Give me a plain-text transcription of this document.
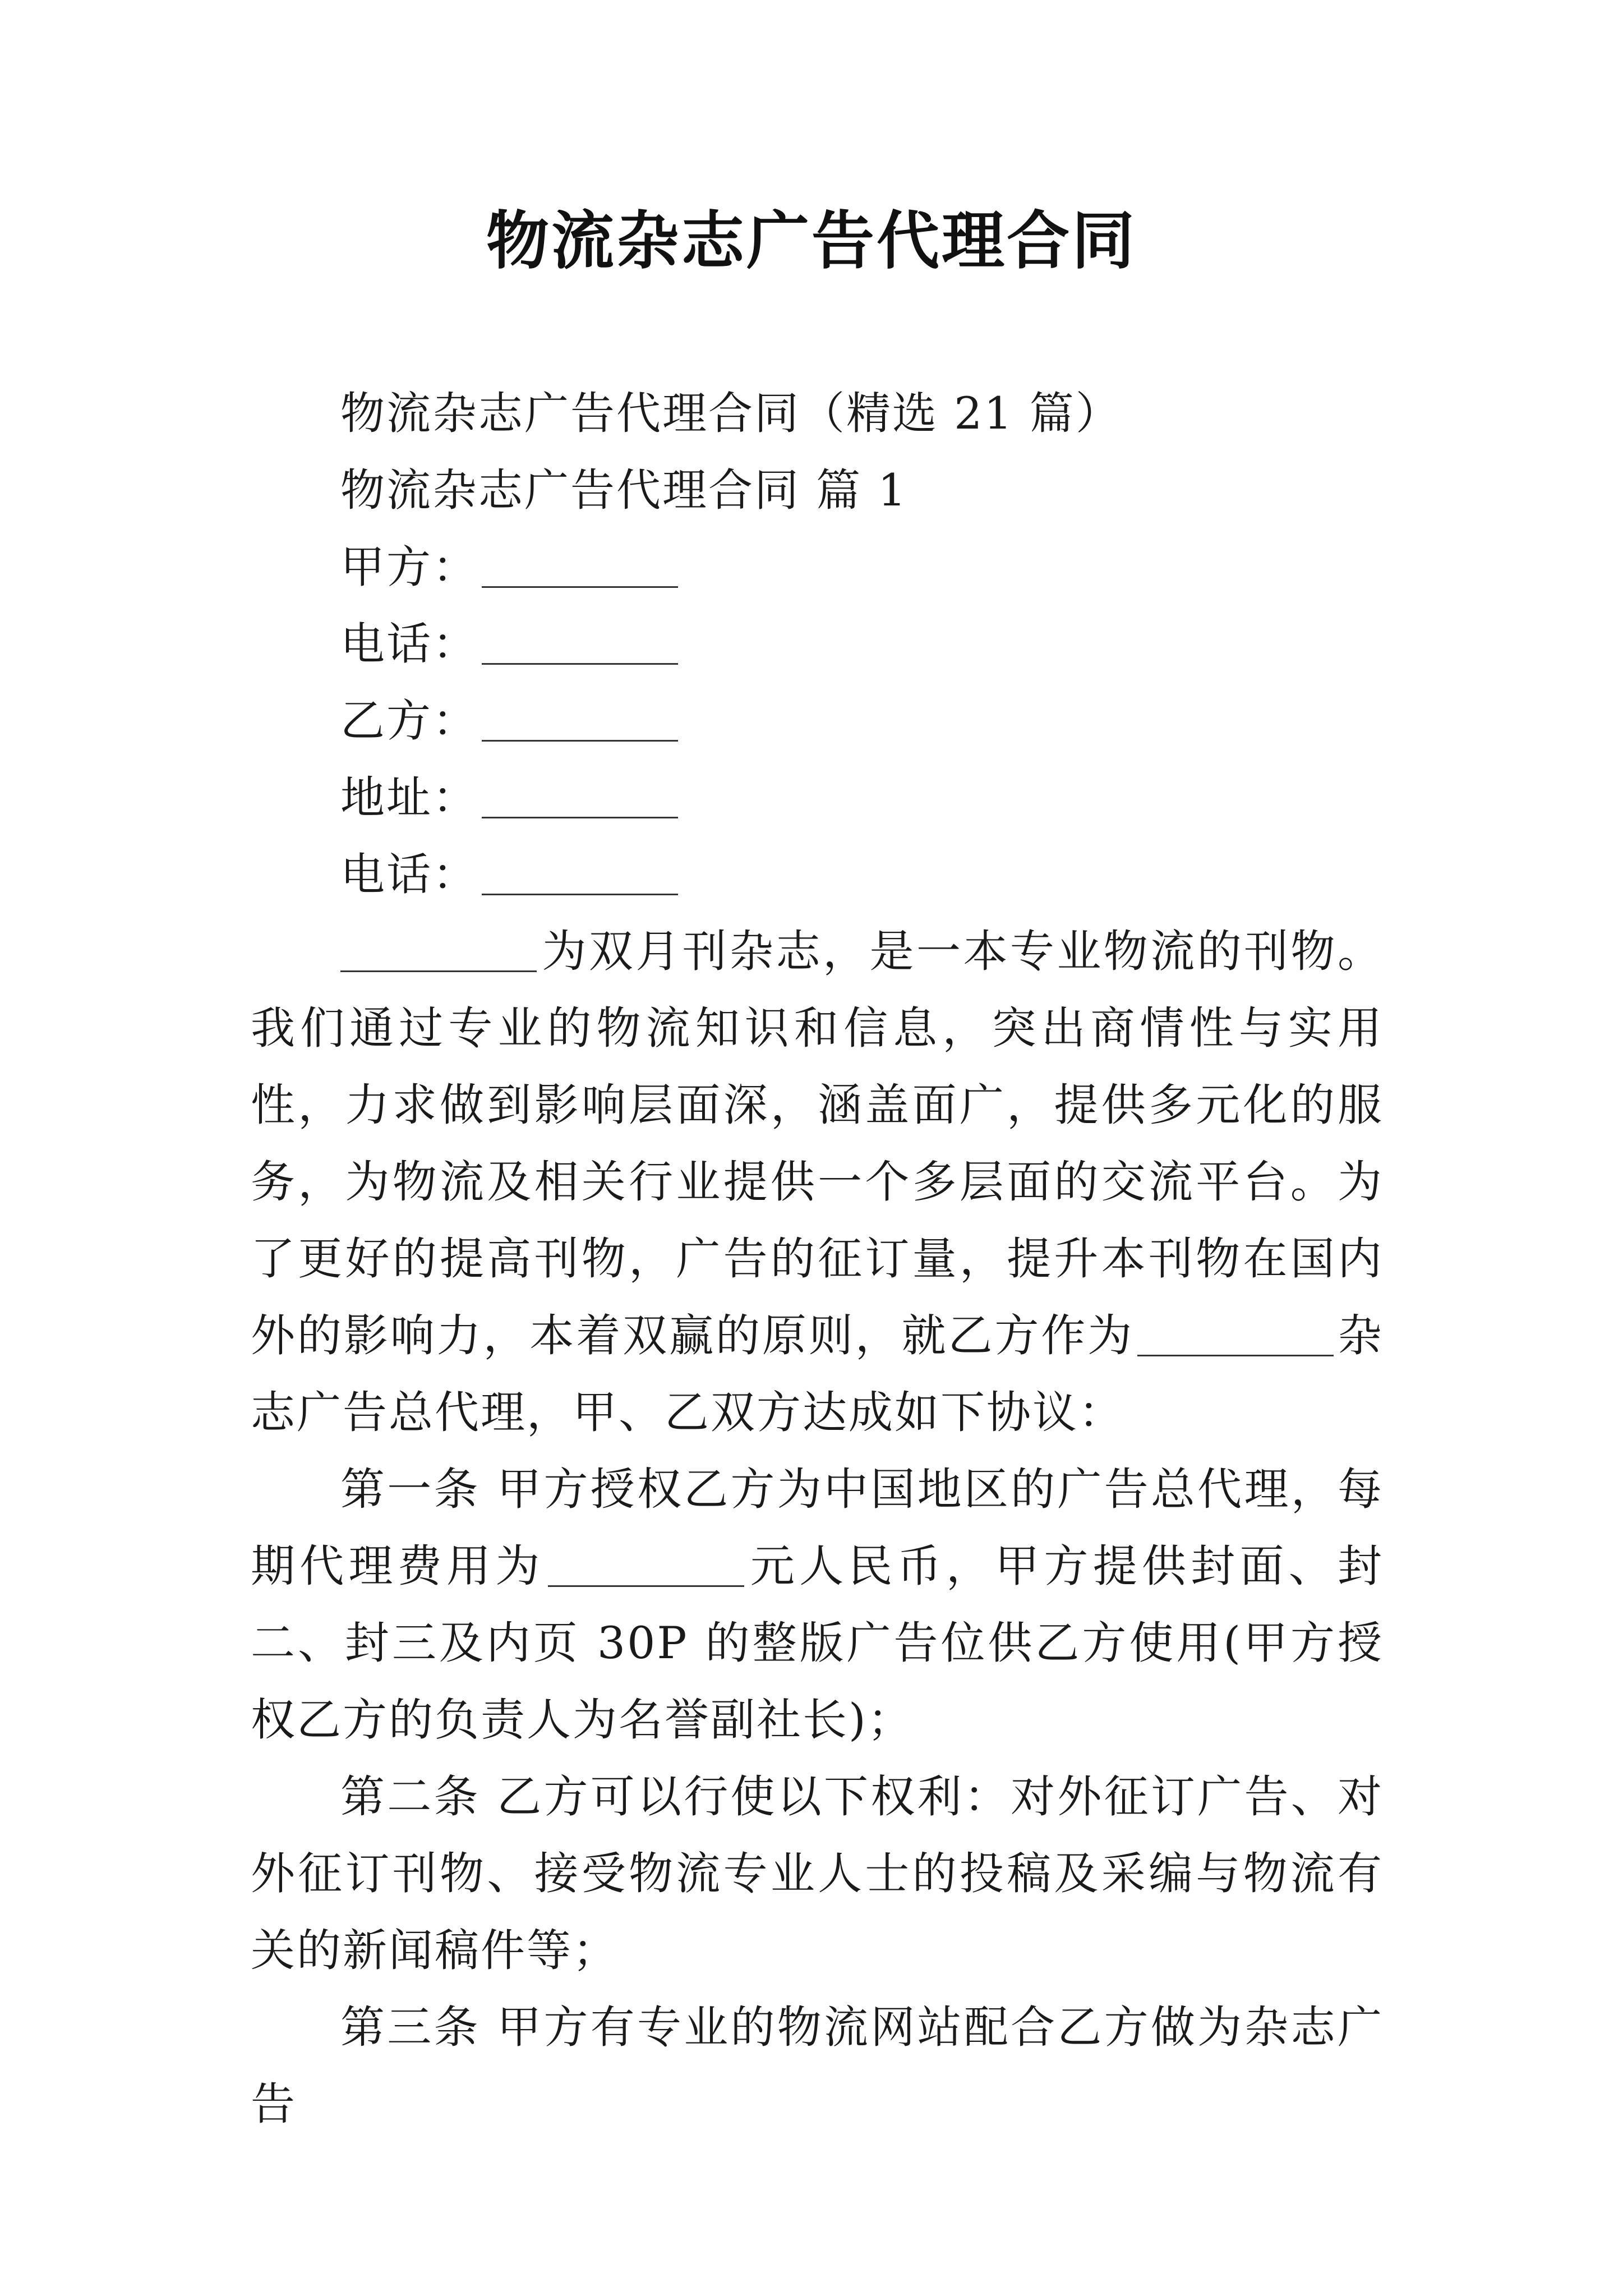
物流杂志广告代理合同

物流杂志广告代理合同（精选 21 篇）

物流杂志广告代理合同 篇 1

甲方：

电话：

乙方：

地址：

电话：

为双月刊杂志，是一本专业物流的刊物。我们通过专业的物流知识和信息，突出商情性与实用性，力求做到影响层面深，涵盖面广，提供多元化的服务，为物流及相关行业提供一个多层面的交流平台。为了更好的提高刊物，广告的征订量，提升本刊物在国内外的影响力，本着双赢的原则，就乙方作为	杂志广告总代理，甲、乙双方达成如下协议：

第一条 甲方授权乙方为中国地区的广告总代理，每期代理费用为	元人民币，甲方提供封面、封二、封三及内页 30P 的整版广告位供乙方使用(甲方授权乙方的负责人为名誉副社长)；

第二条 乙方可以行使以下权利：对外征订广告、对外征订刊物、接受物流专业人士的投稿及采编与物流有关的新闻稿件等；

第三条 甲方有专业的物流网站配合乙方做为杂志广告
